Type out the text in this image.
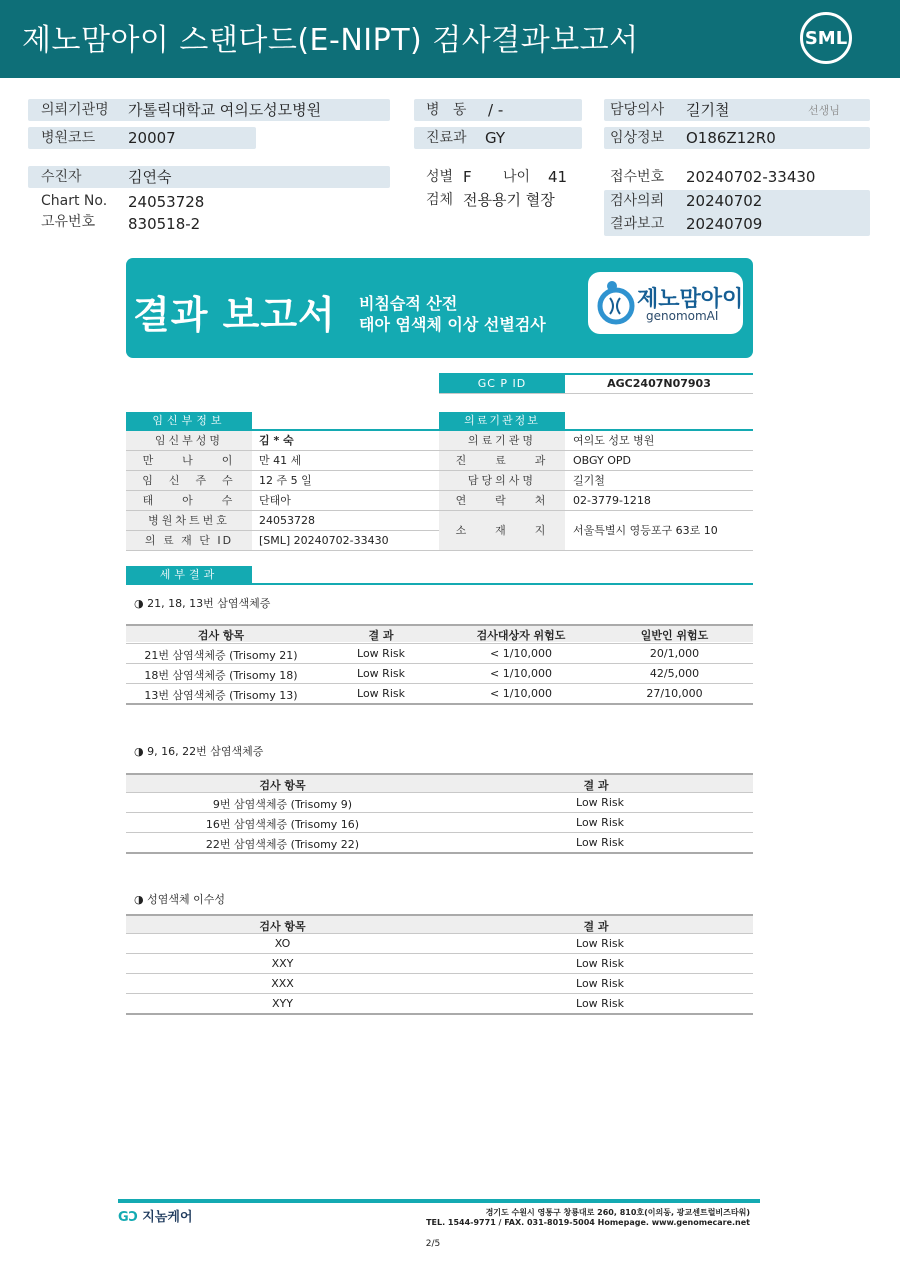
제노맘아이 스탠다드(E-NIPT) 검사결과보고서	SML
의뢰기관명 가톨릭대학교 여의도성모병원
병원코드 20007
수진자	김연숙
Chart No. 24053728
고유번호 830518-2
병   동 / -
진료과 GY
성별 F 나이 41
검체 전용용기 혈장
담당의사 길기철	선생님
임상정보 O186Z12R0
접수번호 20240702-33430
검사의뢰 20240702
결과보고 20240709
결과 보고서 비침습적 산전
태아 염색체 이상 선별검사
제노맘아이
genomomAI
GC P ID	AGC2407N07903
임신부정보
임신부성명	김 * 숙
만    나    이	만 41 세
임  신  주  수	12 주 5 일
태    아    수	단태아
병원차트번호	24053728
의 료 재 단 ID	[SML] 20240702-33430
의료기관정보
의료기관명	여의도 성모 병원
진    료    과	OBGY OPD
담당의사명	길기철
연    락    처	02-3779-1218
소    재    지	서울특별시 영등포구 63로 10
세부결과
◑ 21, 18, 13번 삼염색체증
검사 항목	결 과	검사대상자 위험도	일반인 위험도
21번 삼염색체증 (Trisomy 21)	Low Risk	< 1/10,000	20/1,000
18번 삼염색체증 (Trisomy 18)	Low Risk	< 1/10,000	42/5,000
13번 삼염색체증 (Trisomy 13)	Low Risk	< 1/10,000	27/10,000
◑ 9, 16, 22번 삼염색체증
검사 항목	결 과
9번 삼염색체증 (Trisomy 9)	Low Risk
16번 삼염색체증 (Trisomy 16)	Low Risk
22번 삼염색체증 (Trisomy 22)	Low Risk
◑ 성염색체 이수성
검사 항목	결 과
XO	Low Risk
XXY	Low Risk
XXX	Low Risk
XYY	Low Risk
G⁠Ͻ 지놈케어	경기도 수원시 영통구 창룡대로 260, 810호(이의동, 광교센트럴비즈타워)
TEL. 1544-9771 / FAX. 031-8019-5004 Homepage. www.genomecare.net
2/5
